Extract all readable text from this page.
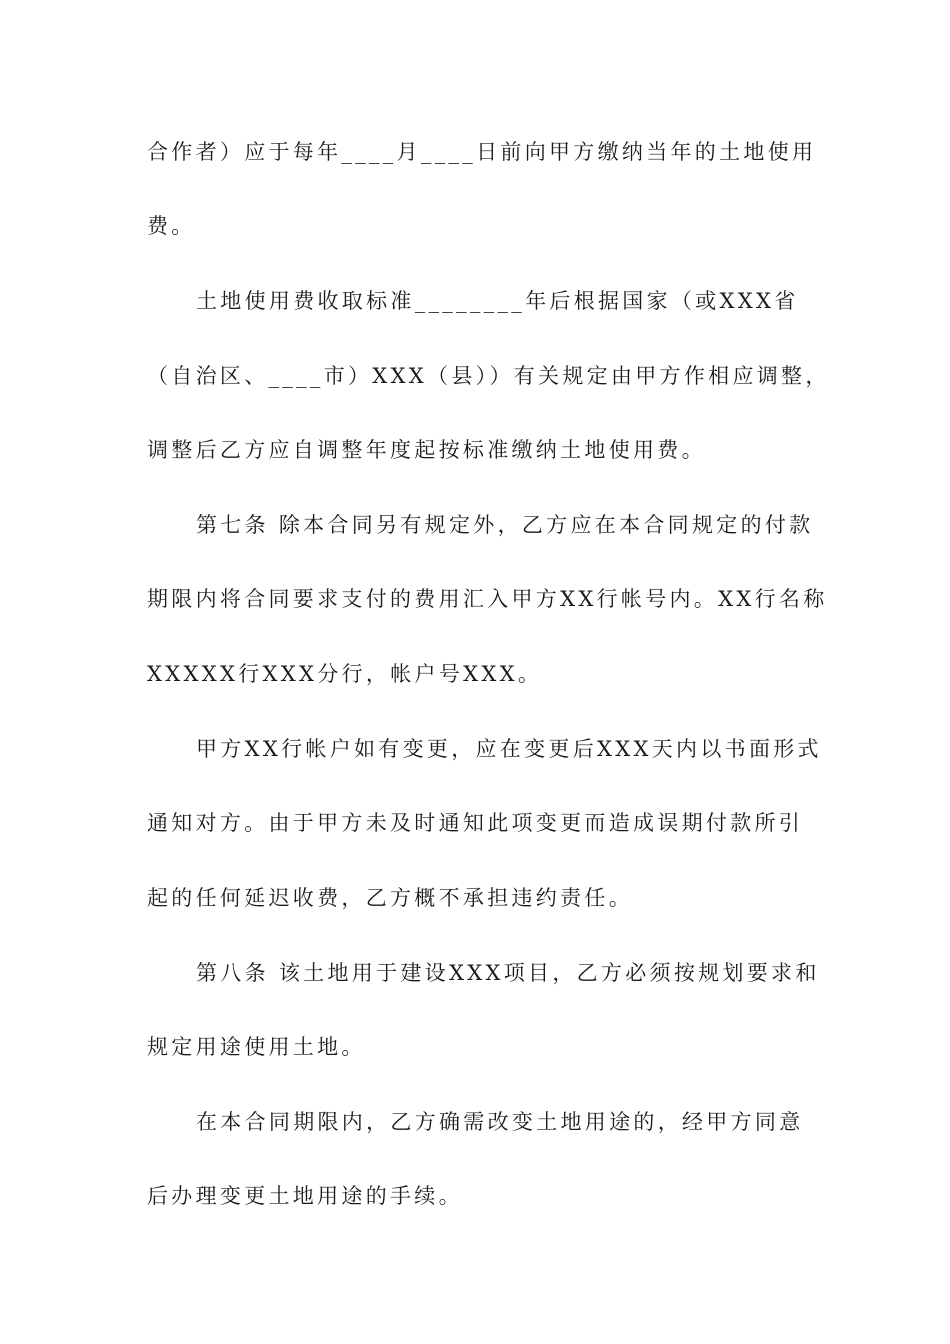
合作者）应于每年____月____日前向甲方缴纳当年的土地使用
费。
土地使用费收取标准________年后根据国家（或XXX省
（自治区、____市）XXX（县））有关规定由甲方作相应调整，
调整后乙方应自调整年度起按标准缴纳土地使用费。
第七条 除本合同另有规定外，乙方应在本合同规定的付款
期限内将合同要求支付的费用汇入甲方XX行帐号内。XX行名称
XXXXX行XXX分行，帐户号XXX。
甲方XX行帐户如有变更，应在变更后XXX天内以书面形式
通知对方。由于甲方未及时通知此项变更而造成误期付款所引
起的任何延迟收费，乙方概不承担违约责任。
第八条 该土地用于建设XXX项目，乙方必须按规划要求和
规定用途使用土地。
在本合同期限内，乙方确需改变土地用途的，经甲方同意
后办理变更土地用途的手续。
